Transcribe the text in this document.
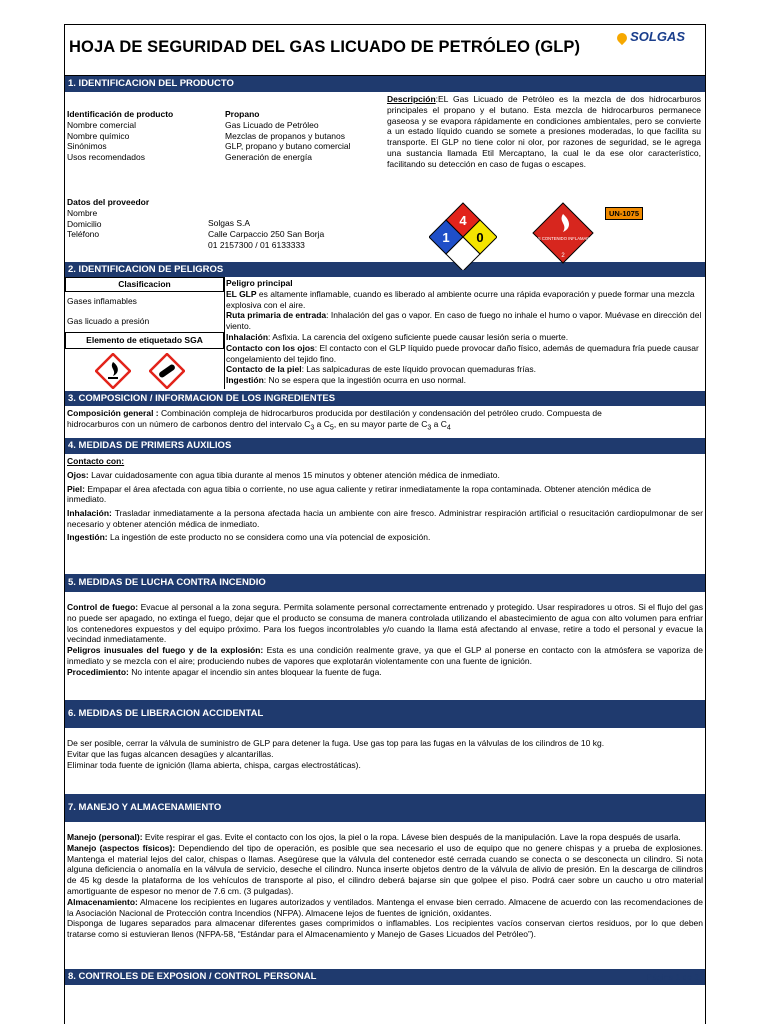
HOJA DE SEGURIDAD DEL GAS LICUADO DE PETRÓLEO (GLP)
SOLGAS
1. IDENTIFICACION DEL PRODUCTO
Identificación de producto
Nombre comercial
Nombre químico
Sinónimos
Usos recomendados
Propano
Gas Licuado de Petróleo
Mezclas de propanos y butanos
GLP, propano y butano comercial
Generación de energía
Descripción:EL Gas Licuado de Petróleo es la mezcla de dos hidrocarburos principales el propano y el butano. Esta mezcla de hidrocarburos permanece gaseosa y se evapora rápidamente en condiciones ambientales, pero se convierte a un estado líquido cuando se somete a presiones moderadas, lo que facilita su transporte. El GLP no tiene color ni olor, por razones de seguridad, se le agrega una sustancia llamada Etil Mercaptano, la cual le da ese olor característico, facilitando su detección en caso de fugas o escapes.
Datos del proveedor
Nombre
Domicilio
Teléfono
Solgas S.A
Calle Carpaccio 250 San Borja
01 2157300 / 01 6133333
4
1 0	GAS CONTENIDO INFLAMABLE
2
UN-1075
2. IDENTIFICACION DE PELIGROS
Clasificacion
Gases inflamables
Gas licuado a presión
Elemento de etiquetado SGA
Peligro principal
EL GLP es altamente inflamable, cuando es liberado al ambiente ocurre una rápida evaporación y puede formar una mezcla explosiva con el aire.
Ruta primaria de entrada: Inhalación del gas o vapor. En caso de fuego no inhale el humo o vapor. Muévase en dirección del viento.
Inhalación: Asfixia. La carencia del oxígeno suficiente puede causar lesión seria o muerte.
Contacto con los ojos: El contacto con el GLP líquido puede provocar daño físico, además de quemadura fría puede causar congelamiento del tejido fino.
Contacto de la piel: Las salpicaduras de este líquido provocan quemaduras frías.
Ingestión: No se espera que la ingestión ocurra en uso normal.
3. COMPOSICION / INFORMACION DE LOS INGREDIENTES
Composición general : Combinación compleja de hidrocarburos producida por destilación y condensación del petróleo crudo. Compuesta de
hidrocarburos con un número de carbonos dentro del intervalo $C_3$ a $C_5$, en su mayor parte de $C_3$ a $C_4$
4. MEDIDAS DE PRIMERS AUXILIOS
Contacto con:
Ojos: Lavar cuidadosamente con agua tibia durante al menos 15 minutos y obtener atención médica de inmediato.
Piel: Empapar el área afectada con agua tibia o corriente, no use agua caliente y retirar inmediatamente la ropa contaminada. Obtener atención médica de
inmediato.
Inhalación: Trasladar inmediatamente a la persona afectada hacia un ambiente con aire fresco. Administrar respiración artificial o resucitación cardiopulmonar de ser necesario y obtener atención médica de inmediato.
Ingestión: La ingestión de este producto no se considera como una vía potencial de exposición.
5. MEDIDAS DE LUCHA CONTRA INCENDIO
Control de fuego: Evacue al personal a la zona segura. Permita solamente personal correctamente entrenado y protegido. Usar respiradores u otros. Si el flujo del gas no puede ser apagado, no extinga el fuego, dejar que el producto se consuma de manera controlada utilizando el abastecimiento de agua con alto volumen para enfriar los contenedores expuestos y del equipo próximo. Para los fuegos incontrolables y/o cuando la llama está afectando al envase, retire a todo el personal y evacue la vecindad inmediatamente.
Peligros inusuales del fuego y de la explosión: Esta es una condición realmente grave, ya que el GLP al ponerse en contacto con la atmósfera se vaporiza de inmediato y se mezcla con el aire; produciendo nubes de vapores que explotarán violentamente con una fuente de ignición.
Procedimiento: No intente apagar el incendio sin antes bloquear la fuente de fuga.
6. MEDIDAS DE LIBERACION ACCIDENTAL
De ser posible, cerrar la válvula de suministro de GLP para detener la fuga. Use gas top para las fugas en la válvulas de los cilindros de 10 kg.
Evitar que las fugas alcancen desagües y alcantarillas.
Eliminar toda fuente de ignición (llama abierta, chispa, cargas electrostáticas).
7. MANEJO Y ALMACENAMIENTO
Manejo (personal): Evite respirar el gas. Evite el contacto con los ojos, la piel o la ropa. Lávese bien después de la manipulación. Lave la ropa después de usarla.
Manejo (aspectos físicos): Dependiendo del tipo de operación, es posible que sea necesario el uso de equipo que no genere chispas y a prueba de explosiones. Mantenga el material lejos del calor, chispas o llamas. Asegúrese que la válvula del contenedor esté cerrada cuando se conecta o se desconecta un cilindro. Si nota alguna deficiencia o anomalía en la válvula de servicio, deseche el cilindro. Nunca inserte objetos dentro de la válvula de alivio de presión. En la descarga de cilindros de 45 kg desde la plataforma de los vehículos de transporte al piso, el cilindro deberá bajarse sin que golpee el piso. Podrá caer sobre un caucho u otro material amortiguante de espesor no menor de 7.6 cm. (3 pulgadas).
Almacenamiento: Almacene los recipientes en lugares autorizados y ventilados. Mantenga el envase bien cerrado. Almacene de acuerdo con las recomendaciones de la Asociación Nacional de Protección contra Incendios (NFPA). Almacene lejos de fuentes de ignición, oxidantes.
Disponga de lugares separados para almacenar diferentes gases comprimidos o inflamables. Los recipientes vacíos conservan ciertos residuos, por lo que deben tratarse como si estuvieran llenos (NFPA-58, “Estándar para el Almacenamiento y Manejo de Gases Licuados del Petróleo”).
8. CONTROLES DE EXPOSION / CONTROL PERSONAL	Página 1 de 3
